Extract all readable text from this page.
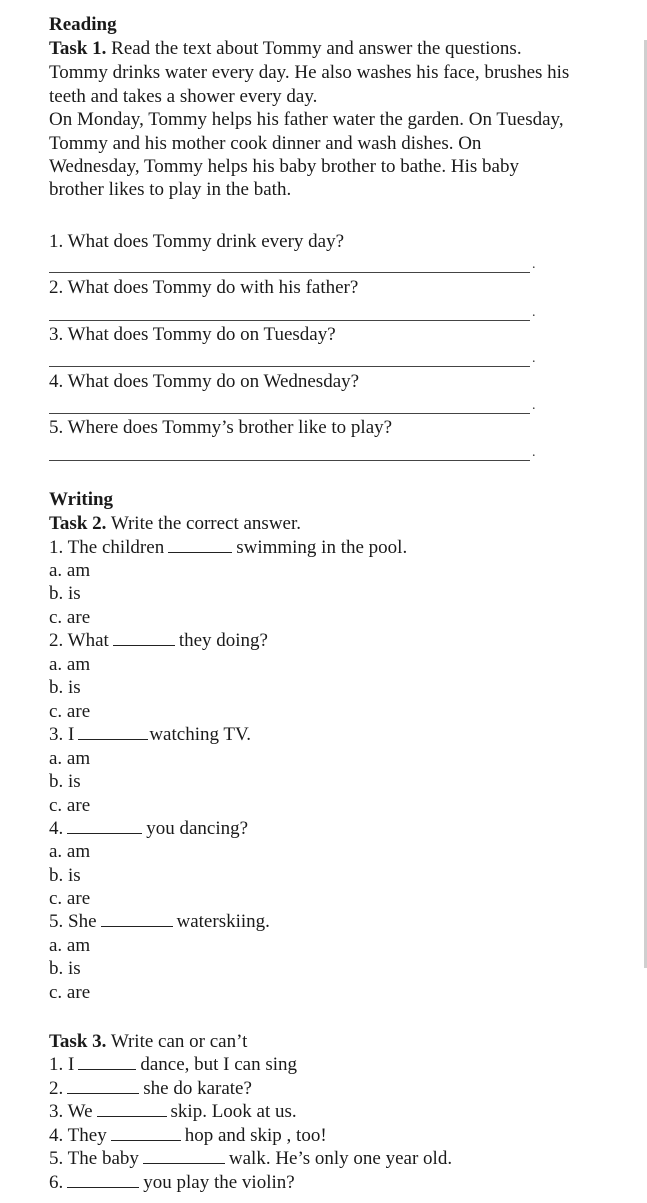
Reading
Task 1. Read the text about Tommy and answer the questions.
Tommy drinks water every day. He also washes his face, brushes his
teeth and takes a shower every day.
On Monday, Tommy helps his father water the garden. On Tuesday,
Tommy and his mother cook dinner and wash dishes. On
Wednesday, Tommy helps his baby brother to bathe. His baby
brother likes to play in the bath.
1. What does Tommy drink every day?
.
2. What does Tommy do with his father?
.
3. What does Tommy do on Tuesday?
.
4. What does Tommy do on Wednesday?
.
5. Where does Tommy’s brother like to play?
.
Writing
Task 2. Write the correct answer.
1. The children	swimming in the pool.
a. am
b. is
c. are
2. What	they doing?
a. am
b. is
c. are
3. I	watching TV.
a. am
b. is
c. are
4.	you dancing?
a. am
b. is
c. are
5. She	waterskiing.
a. am
b. is
c. are
Task 3. Write can or can’t
1. I	dance, but I can sing
2.	she do karate?
3. We	skip. Look at us.
4. They	hop and skip , too!
5. The baby	walk. He’s only one year old.
6.	you play the violin?
